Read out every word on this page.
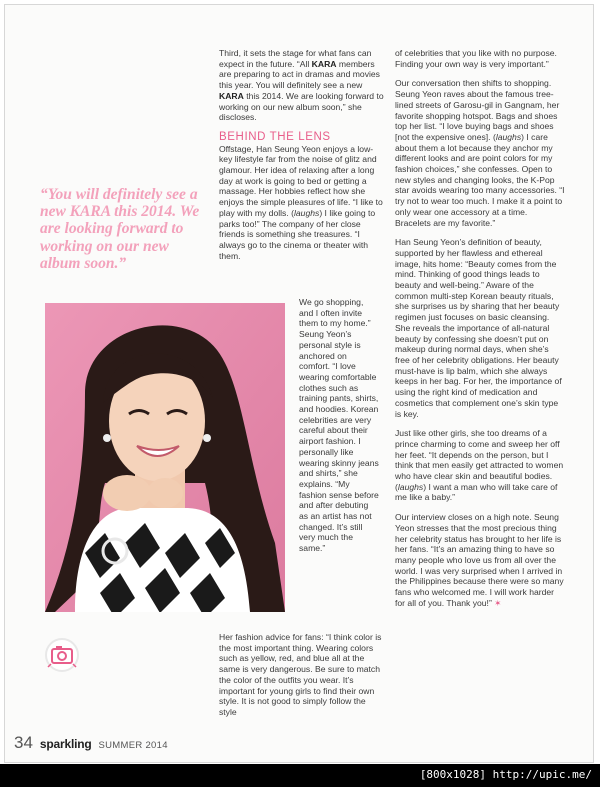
Third, it sets the stage for what fans can expect in the future. “All KARA members are preparing to act in dramas and movies this year. You will definitely see a new KARA this 2014. We are looking forward to working on our new album soon,” she discloses.

BEHIND THE LENS

Offstage, Han Seung Yeon enjoys a low-key lifestyle far from the noise of glitz and glamour. Her idea of relaxing after a long day at work is going to bed or getting a massage. Her hobbies reflect how she enjoys the simple pleasures of life. “I like to play with my dolls. (laughs) I like going to parks too!” The company of her close friends is something she treasures. “I always go to the cinema or theater with them.

We go shopping, and I often invite them to my home.”

Seung Yeon’s personal style is anchored on comfort. “I love wearing comfortable clothes such as training pants, shirts, and hoodies. Korean celebrities are very careful about their airport fashion. I personally like wearing skinny jeans and shirts,” she explains. “My fashion sense before and after debuting as an artist has not changed. It’s still very much the same.”

Her fashion advice for fans: “I think color is the most important thing. Wearing colors such as yellow, red, and blue all at the same is very dangerous. Be sure to match the color of the outfits you wear. It’s important for young girls to find their own style. It is not good to simply follow the style

of celebrities that you like with no purpose. Finding your own way is very important.”

Our conversation then shifts to shopping. Seung Yeon raves about the famous tree-lined streets of Garosu-gil in Gangnam, her favorite shopping hotspot. Bags and shoes top her list. “I love buying bags and shoes [not the expensive ones]. (laughs) I care about them a lot because they anchor my different looks and are point colors for my fashion choices,” she confesses. Open to new styles and changing looks, the K-Pop star avoids wearing too many accessories. “I try not to wear too much. I make it a point to only wear one accessory at a time. Bracelets are my favorite.”

Han Seung Yeon’s definition of beauty, supported by her flawless and ethereal image, hits home: “Beauty comes from the mind. Thinking of good things leads to beauty and well-being.” Aware of the common multi-step Korean beauty rituals, she surprises us by sharing that her beauty regimen just focuses on basic cleansing. She reveals the importance of all-natural beauty by confessing she doesn’t put on makeup during normal days, when she’s free of her celebrity obligations. Her beauty must-have is lip balm, which she always keeps in her bag. For her, the importance of using the right kind of medication and cosmetics that complement one’s skin type is key.

Just like other girls, she too dreams of a prince charming to come and sweep her off her feet. “It depends on the person, but I think that men easily get attracted to women who have clear skin and beautiful bodies. (laughs) I want a man who will take care of me like a baby.”

Our interview closes on a high note. Seung Yeon stresses that the most precious thing her celebrity status has brought to her life is her fans. “It’s an amazing thing to have so many people who love us from all over the world. I was very surprised when I arrived in the Philippines because there were so many fans who welcomed me. I will work harder for all of you. Thank you!” ✶

“You will definitely see a new KARA this 2014. We are looking forward to working on our new album soon.”
34 sparkling SUMMER 2014
[800x1028] http://upic.me/
